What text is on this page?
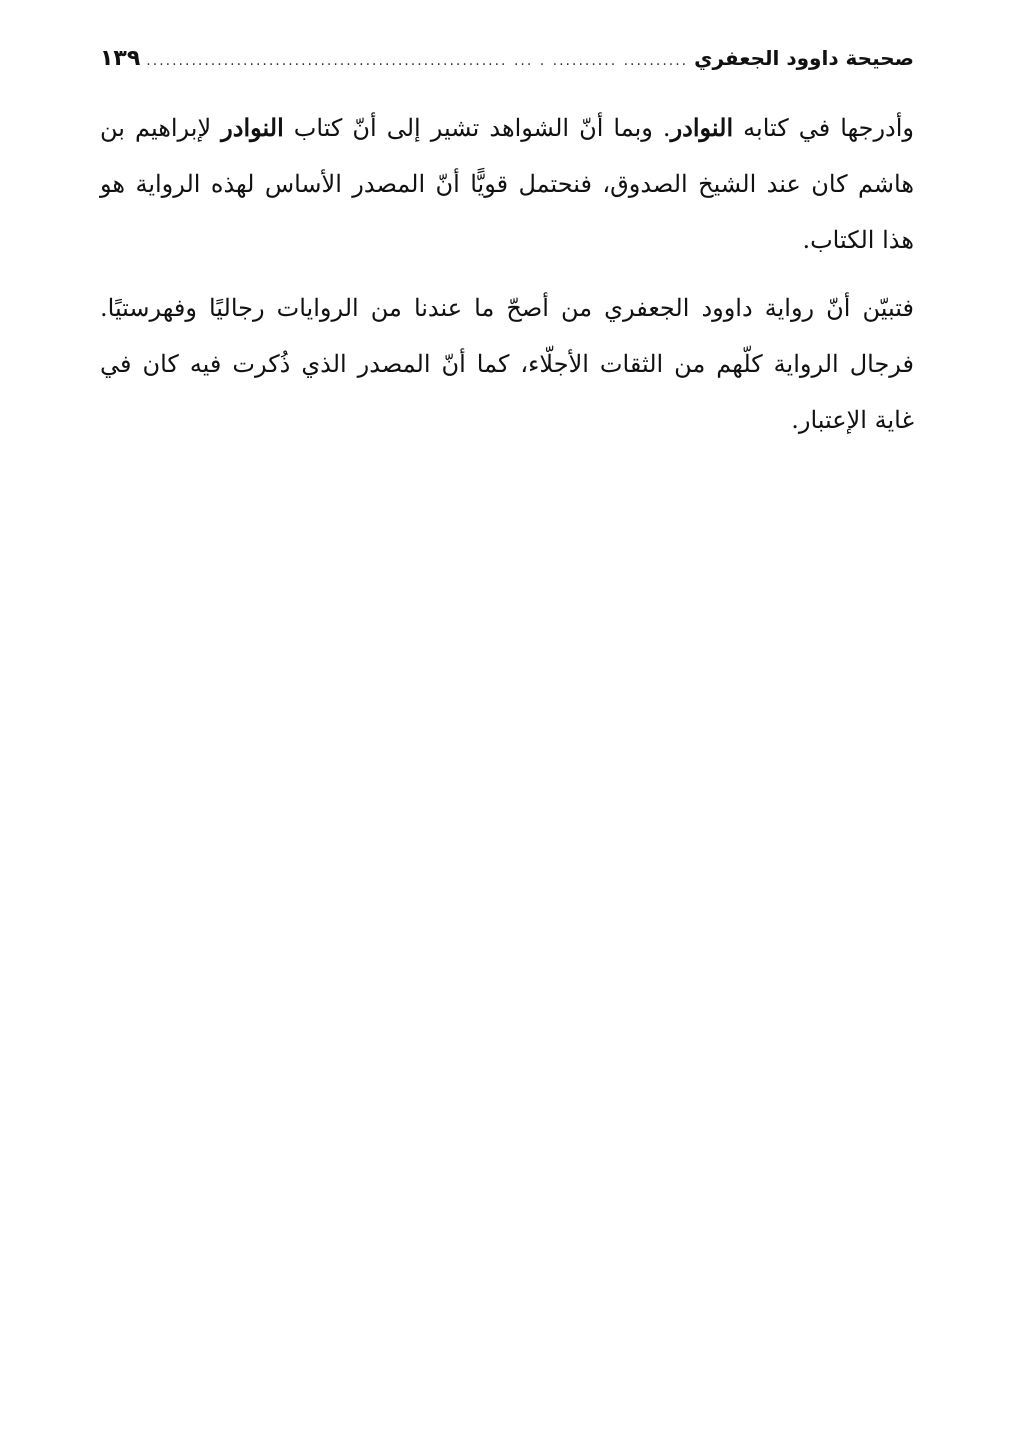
صحيحة داوود الجعفري
........................................................ ... . .......... ..........
١٣٩

وأدرجها في كتابه النوادر. وبما أنّ الشواهد تشير إلى أنّ كتاب النوادر لإبراهيم بن هاشم كان عند الشيخ الصدوق، فنحتمل قويًّا أنّ المصدر الأساس لهذه الرواية هو هذا الكتاب.

فتبيّن أنّ رواية داوود الجعفري من أصحّ ما عندنا من الروايات رجاليًا وفهرستيًا. فرجال الرواية كلّهم من الثقات الأجلّاء، كما أنّ المصدر الذي ذُكرت فيه كان في غاية الإعتبار.
